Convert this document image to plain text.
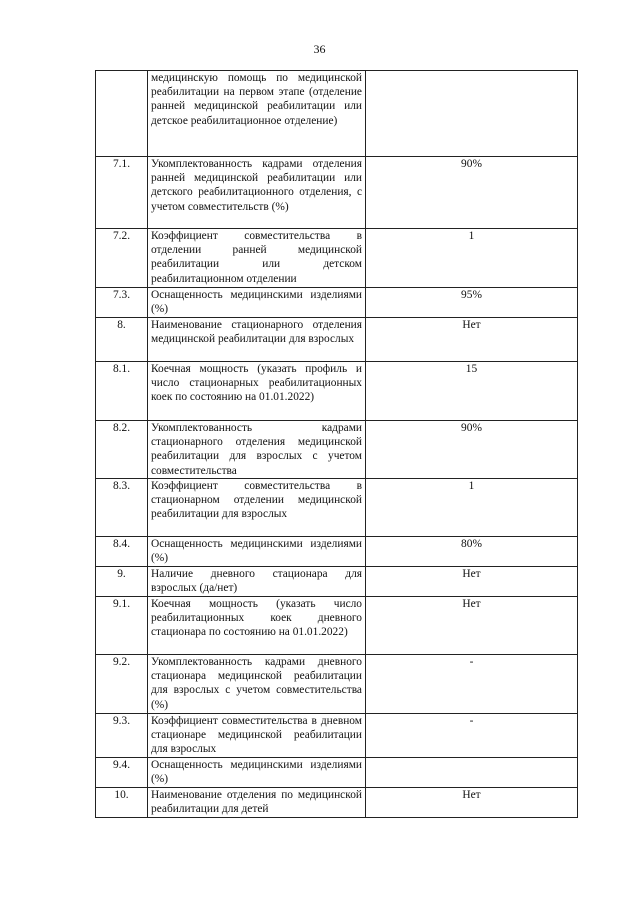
36
	медицинскую помощь по медицинской реабилитации на первом этапе (отделение ранней медицинской реабилитации или детское реабилитационное отделение)	
7.1.	Укомплектованность кадрами отделения ранней медицинской реабилитации или детского реабилитационного отделения, с учетом совместительств (%)	90%
7.2.	Коэффициент совместительства в отделении ранней медицинской реабилитации или детском реабилитационном отделении	1
7.3.	Оснащенность медицинскими изделиями (%)	95%
8.	Наименование стационарного отделения медицинской реабилитации для взрослых	Нет
8.1.	Коечная мощность (указать профиль и число стационарных реабилитационных коек по состоянию на 01.01.2022)	15
8.2.	Укомплектованность кадрами стационарного отделения медицинской реабилитации для взрослых с учетом совместительства	90%
8.3.	Коэффициент совместительства в стационарном отделении медицинской реабилитации для взрослых	1
8.4.	Оснащенность медицинскими изделиями (%)	80%
9.	Наличие дневного стационара для взрослых (да/нет)	Нет
9.1.	Коечная мощность (указать число реабилитационных коек дневного стационара по состоянию на 01.01.2022)	Нет
9.2.	Укомплектованность кадрами дневного стационара медицинской реабилитации для взрослых с учетом совместительства (%)	-
9.3.	Коэффициент совместительства в дневном стационаре медицинской реабилитации для взрослых	-
9.4.	Оснащенность медицинскими изделиями (%)	
10.	Наименование отделения по медицинской реабилитации для детей	Нет
